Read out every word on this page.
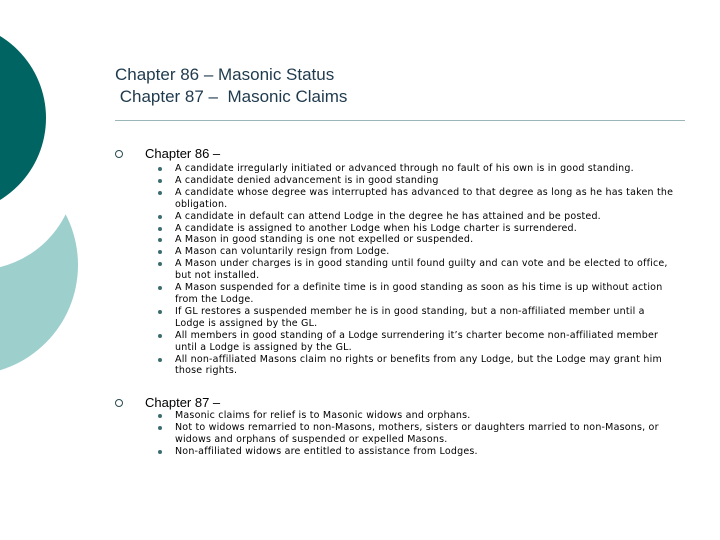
Chapter 86 – Masonic Status
Chapter 87 –  Masonic Claims
Chapter 86 –
A candidate irregularly initiated or advanced through no fault of his own is in good standing.
A candidate denied advancement is in good standing
A candidate whose degree was interrupted has advanced to that degree as long as he has taken the obligation.
A candidate in default can attend Lodge in the degree he has attained and be posted.
A candidate is assigned to another Lodge when his Lodge charter is surrendered.
A Mason in good standing is one not expelled or suspended.
A Mason can voluntarily resign from Lodge.
A Mason under charges is in good standing until found guilty and can vote and be elected to office, but not installed.
A Mason suspended for a definite time is in good standing as soon as his time is up without action from the Lodge.
If GL restores a suspended member he is in good standing, but a non-affiliated member until a Lodge is assigned by the GL.
All members in good standing of a Lodge surrendering it’s charter become non-affiliated member until a Lodge is assigned by the GL.
All non-affiliated Masons claim no rights or benefits from any Lodge, but the Lodge may grant him those rights.
Chapter 87 –
Masonic claims for relief is to Masonic widows and orphans.
Not to widows remarried to non-Masons, mothers, sisters or daughters married to non-Masons, or widows and orphans of suspended or expelled Masons.
Non-affiliated widows are entitled to assistance from Lodges.
